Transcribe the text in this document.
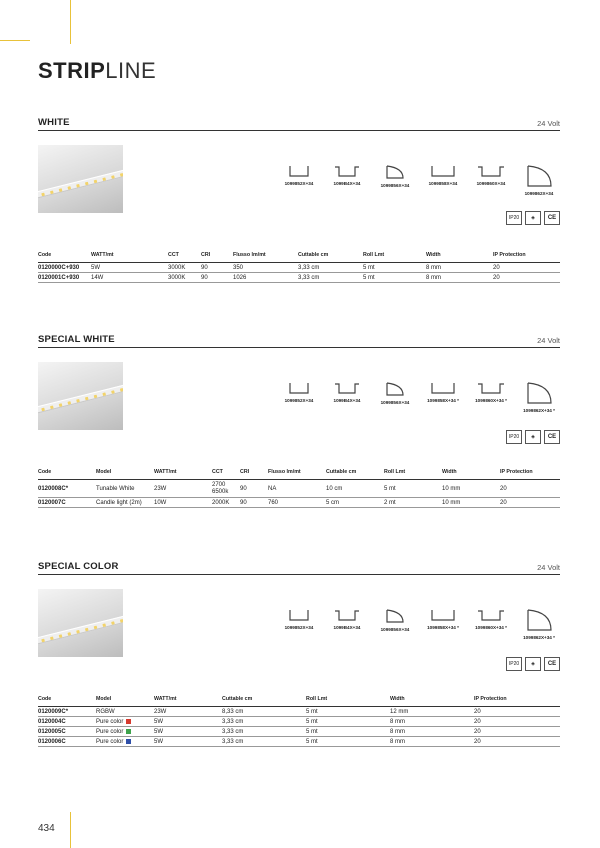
STRIPLINE
WHITE	24 Volt
1099852X+34	1099B4X+34	1099856X+34	1099858X+34	1099860X+34
1099862X+34
IP20	◈	CE
Code	WATT/mt	CCT	CRI	Flusso lm/mt	Cuttable cm	Roll Lmt	Width	IP Protection
0120000C+930	5W	3000K	90	350	3,33 cm	5 mt	8 mm	20
0120001C+930	14W	3000K	90	1026	3,33 cm	5 mt	8 mm	20
SPECIAL WHITE	24 Volt
1099852X+34	1099B4X+34	1099856X+34	1099858X+34 *	1099860X+34 *
1099862X+34 *
IP20	◈	CE
Code	Model	WATT/mt	CCT	CRI	Flusso lm/mt	Cuttable cm	Roll Lmt	Width	IP Protection
0120008C*	Tunable White	23W	2700 6500k	90	NA	10 cm	5 mt	10 mm	20
0120007C	Candle light (2m)	10W	2000K	90	760	5 cm	2 mt	10 mm	20
SPECIAL COLOR	24 Volt
1099852X+34	1099B4X+34	1099856X+34	1099858X+34 *	1099860X+34 *
1099862X+34 *
IP20	◈	CE
Code	Model	WATT/mt	Cuttable cm	Roll Lmt	Width	IP Protection
0120009C*	RGBW	23W	8,33 cm	5 mt	12 mm	20
0120004C	Pure color	5W	3,33 cm	5 mt	8 mm	20
0120005C	Pure color	5W	3,33 cm	5 mt	8 mm	20
0120006C	Pure color	5W	3,33 cm	5 mt	8 mm	20
434
